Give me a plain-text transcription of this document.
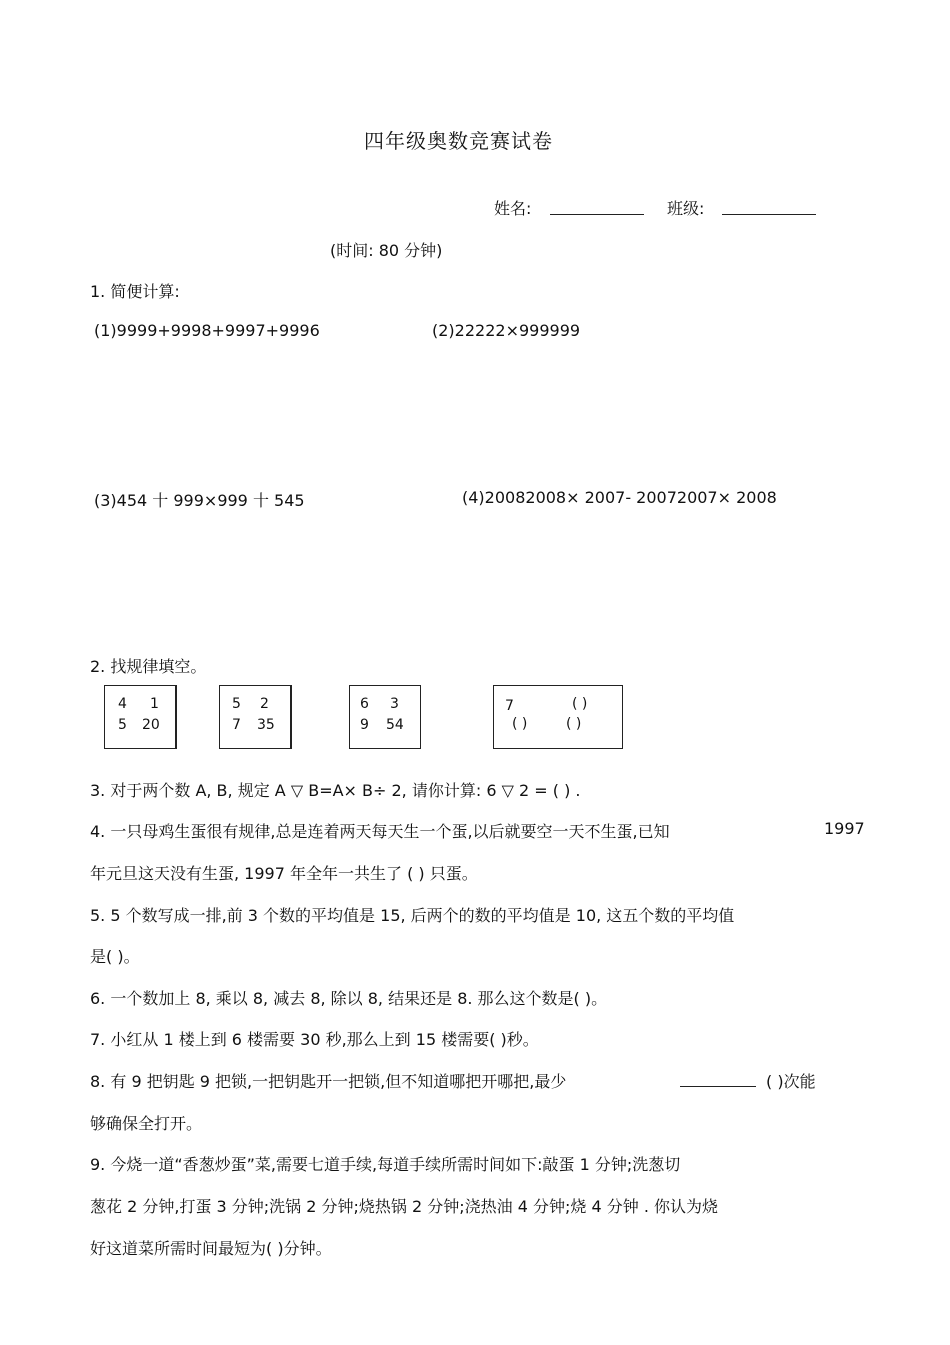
四年级奥数竞赛试卷
姓名:	班级:
(时间: 80 分钟)
1. 简便计算:
(1)9999+9998+9997+9996	(2)22222×999999
(3)454 十 999×999 十 545	(4)20082008× 2007- 20072007× 2008
2. 找规律填空。
4 1
5 20
5 2
7 35
6 3
9 54
7	( )
( )	( )
3. 对于两个数 A, B, 规定 A ▽ B=A× B÷ 2, 请你计算: 6 ▽ 2 = ( ) .
4. 一只母鸡生蛋很有规律,总是连着两天每天生一个蛋,以后就要空一天不生蛋,已知	1997
年元旦这天没有生蛋, 1997 年全年一共生了 ( ) 只蛋。
5. 5 个数写成一排,前 3 个数的平均值是 15, 后两个的数的平均值是 10, 这五个数的平均值
是( )。
6. 一个数加上 8, 乘以 8, 减去 8, 除以 8, 结果还是 8. 那么这个数是( )。
7. 小红从 1 楼上到 6 楼需要 30 秒,那么上到 15 楼需要( )秒。
8. 有 9 把钥匙 9 把锁,一把钥匙开一把锁,但不知道哪把开哪把,最少	( )次能
够确保全打开。
9. 今烧一道“香葱炒蛋”菜,需要七道手续,每道手续所需时间如下:敲蛋 1 分钟;洗葱切
葱花 2 分钟,打蛋 3 分钟;洗锅 2 分钟;烧热锅 2 分钟;浇热油 4 分钟;烧 4 分钟 . 你认为烧
好这道菜所需时间最短为( )分钟。
